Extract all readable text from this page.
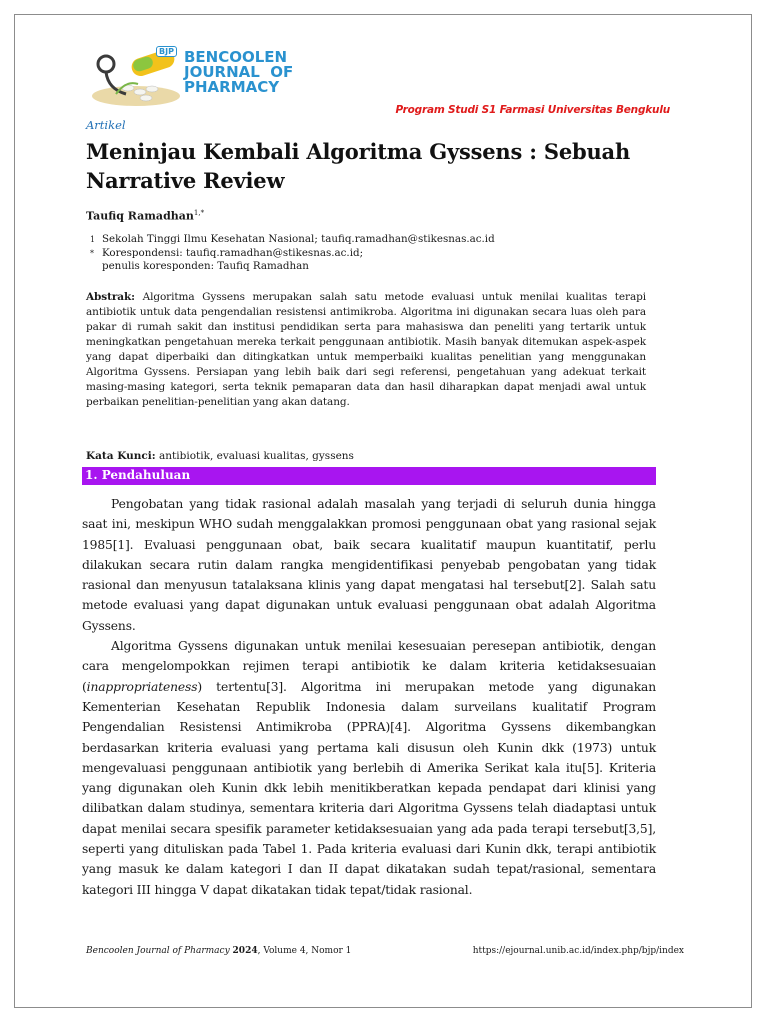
BJP BENCOOLEN
JOURNAL  OF
PHARMACY
Program Studi S1 Farmasi Universitas Bengkulu
Artikel
Meninjau Kembali Algoritma Gyssens : Sebuah Narrative Review
Taufiq Ramadhan$^{1,*}$
1 Sekolah Tinggi Ilmu Kesehatan Nasional; taufiq.ramadhan@stikesnas.ac.id
* Korespondensi: taufiq.ramadhan@stikesnas.ac.id;
penulis koresponden: Taufiq Ramadhan
Abstrak: Algoritma Gyssens merupakan salah satu metode evaluasi untuk menilai kualitas terapi antibiotik untuk data pengendalian resistensi antimikroba. Algoritma ini digunakan secara luas oleh para pakar di rumah sakit dan institusi pendidikan serta para mahasiswa dan peneliti yang tertarik untuk meningkatkan pengetahuan mereka terkait penggunaan antibiotik. Masih banyak ditemukan aspek-aspek yang dapat diperbaiki dan ditingkatkan untuk memperbaiki kualitas penelitian yang menggunakan Algoritma Gyssens. Persiapan yang lebih baik dari segi referensi, pengetahuan yang adekuat terkait masing-masing kategori, serta teknik pemaparan data dan hasil diharapkan dapat menjadi awal untuk perbaikan penelitian-penelitian yang akan datang.
Kata Kunci: antibiotik, evaluasi kualitas, gyssens
1. Pendahuluan

Pengobatan yang tidak rasional adalah masalah yang terjadi di seluruh dunia hingga saat ini, meskipun WHO sudah menggalakkan promosi penggunaan obat yang rasional sejak 1985[1]. Evaluasi penggunaan obat, baik secara kualitatif maupun kuantitatif, perlu dilakukan secara rutin dalam rangka mengidentifikasi penyebab pengobatan yang tidak rasional dan menyusun tatalaksana klinis yang dapat mengatasi hal tersebut[2]. Salah satu metode evaluasi yang dapat digunakan untuk evaluasi penggunaan obat adalah Algoritma Gyssens.

Algoritma Gyssens digunakan untuk menilai kesesuaian peresepan antibiotik, dengan cara mengelompokkan rejimen terapi antibiotik ke dalam kriteria ketidaksesuaian (inappropriateness) tertentu[3]. Algoritma ini merupakan metode yang digunakan Kementerian Kesehatan Republik Indonesia dalam surveilans kualitatif Program Pengendalian Resistensi Antimikroba (PPRA)[4]. Algoritma Gyssens dikembangkan berdasarkan kriteria evaluasi yang pertama kali disusun oleh Kunin dkk (1973) untuk mengevaluasi penggunaan antibiotik yang berlebih di Amerika Serikat kala itu[5]. Kriteria yang digunakan oleh Kunin dkk lebih menitikberatkan kepada pendapat dari klinisi yang dilibatkan dalam studinya, sementara kriteria dari Algoritma Gyssens telah diadaptasi untuk dapat menilai secara spesifik parameter ketidaksesuaian yang ada pada terapi tersebut[3,5], seperti yang dituliskan pada Tabel 1. Pada kriteria evaluasi dari Kunin dkk, terapi antibiotik yang masuk ke dalam kategori I dan II dapat dikatakan sudah tepat/rasional, sementara kategori III hingga V dapat dikatakan tidak tepat/tidak rasional.

Bencoolen Journal of Pharmacy 2024, Volume 4, Nomor 1	https://ejournal.unib.ac.id/index.php/bjp/index
